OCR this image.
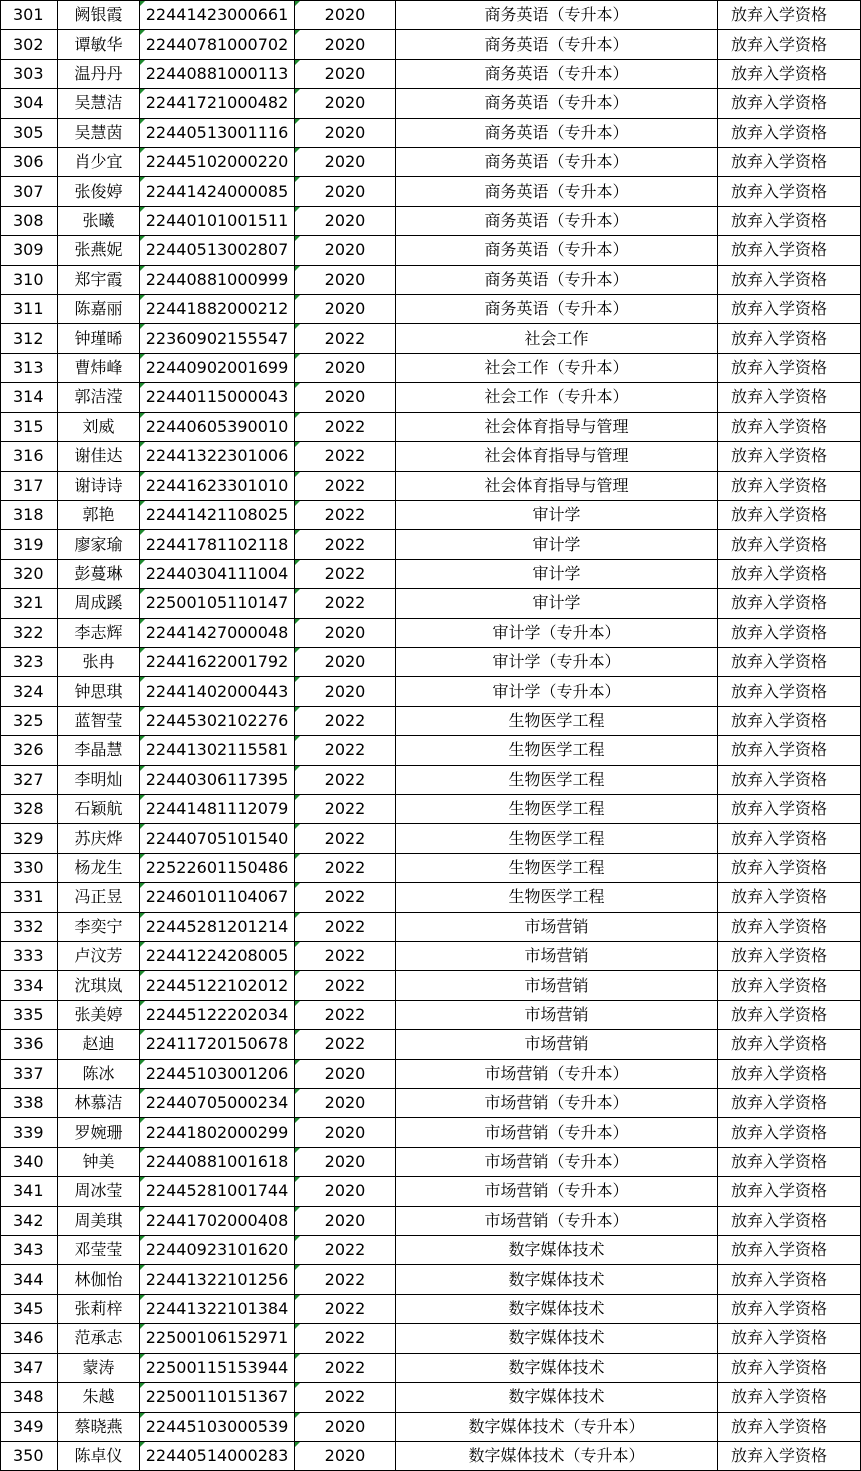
301	阙银霞	22441423000661	2020	商务英语（专升本）	放弃入学资格
302	谭敏华	22440781000702	2020	商务英语（专升本）	放弃入学资格
303	温丹丹	22440881000113	2020	商务英语（专升本）	放弃入学资格
304	吴慧洁	22441721000482	2020	商务英语（专升本）	放弃入学资格
305	吴慧茵	22440513001116	2020	商务英语（专升本）	放弃入学资格
306	肖少宜	22445102000220	2020	商务英语（专升本）	放弃入学资格
307	张俊婷	22441424000085	2020	商务英语（专升本）	放弃入学资格
308	张曦	22440101001511	2020	商务英语（专升本）	放弃入学资格
309	张燕妮	22440513002807	2020	商务英语（专升本）	放弃入学资格
310	郑宇霞	22440881000999	2020	商务英语（专升本）	放弃入学资格
311	陈嘉丽	22441882000212	2020	商务英语（专升本）	放弃入学资格
312	钟瑾晞	22360902155547	2022	社会工作	放弃入学资格
313	曹炜峰	22440902001699	2020	社会工作（专升本）	放弃入学资格
314	郭洁滢	22440115000043	2020	社会工作（专升本）	放弃入学资格
315	刘威	22440605390010	2022	社会体育指导与管理	放弃入学资格
316	谢佳达	22441322301006	2022	社会体育指导与管理	放弃入学资格
317	谢诗诗	22441623301010	2022	社会体育指导与管理	放弃入学资格
318	郭艳	22441421108025	2022	审计学	放弃入学资格
319	廖家瑜	22441781102118	2022	审计学	放弃入学资格
320	彭蔓琳	22440304111004	2022	审计学	放弃入学资格
321	周成蹊	22500105110147	2022	审计学	放弃入学资格
322	李志辉	22441427000048	2020	审计学（专升本）	放弃入学资格
323	张冉	22441622001792	2020	审计学（专升本）	放弃入学资格
324	钟思琪	22441402000443	2020	审计学（专升本）	放弃入学资格
325	蓝智莹	22445302102276	2022	生物医学工程	放弃入学资格
326	李晶慧	22441302115581	2022	生物医学工程	放弃入学资格
327	李明灿	22440306117395	2022	生物医学工程	放弃入学资格
328	石颖航	22441481112079	2022	生物医学工程	放弃入学资格
329	苏庆烨	22440705101540	2022	生物医学工程	放弃入学资格
330	杨龙生	22522601150486	2022	生物医学工程	放弃入学资格
331	冯正昱	22460101104067	2022	生物医学工程	放弃入学资格
332	李奕宁	22445281201214	2022	市场营销	放弃入学资格
333	卢汶芳	22441224208005	2022	市场营销	放弃入学资格
334	沈琪岚	22445122102012	2022	市场营销	放弃入学资格
335	张美婷	22445122202034	2022	市场营销	放弃入学资格
336	赵迪	22411720150678	2022	市场营销	放弃入学资格
337	陈冰	22445103001206	2020	市场营销（专升本）	放弃入学资格
338	林慕洁	22440705000234	2020	市场营销（专升本）	放弃入学资格
339	罗婉珊	22441802000299	2020	市场营销（专升本）	放弃入学资格
340	钟美	22440881001618	2020	市场营销（专升本）	放弃入学资格
341	周冰莹	22445281001744	2020	市场营销（专升本）	放弃入学资格
342	周美琪	22441702000408	2020	市场营销（专升本）	放弃入学资格
343	邓莹莹	22440923101620	2022	数字媒体技术	放弃入学资格
344	林伽怡	22441322101256	2022	数字媒体技术	放弃入学资格
345	张莉梓	22441322101384	2022	数字媒体技术	放弃入学资格
346	范承志	22500106152971	2022	数字媒体技术	放弃入学资格
347	蒙涛	22500115153944	2022	数字媒体技术	放弃入学资格
348	朱越	22500110151367	2022	数字媒体技术	放弃入学资格
349	蔡晓燕	22445103000539	2020	数字媒体技术（专升本）	放弃入学资格
350	陈卓仪	22440514000283	2020	数字媒体技术（专升本）	放弃入学资格
